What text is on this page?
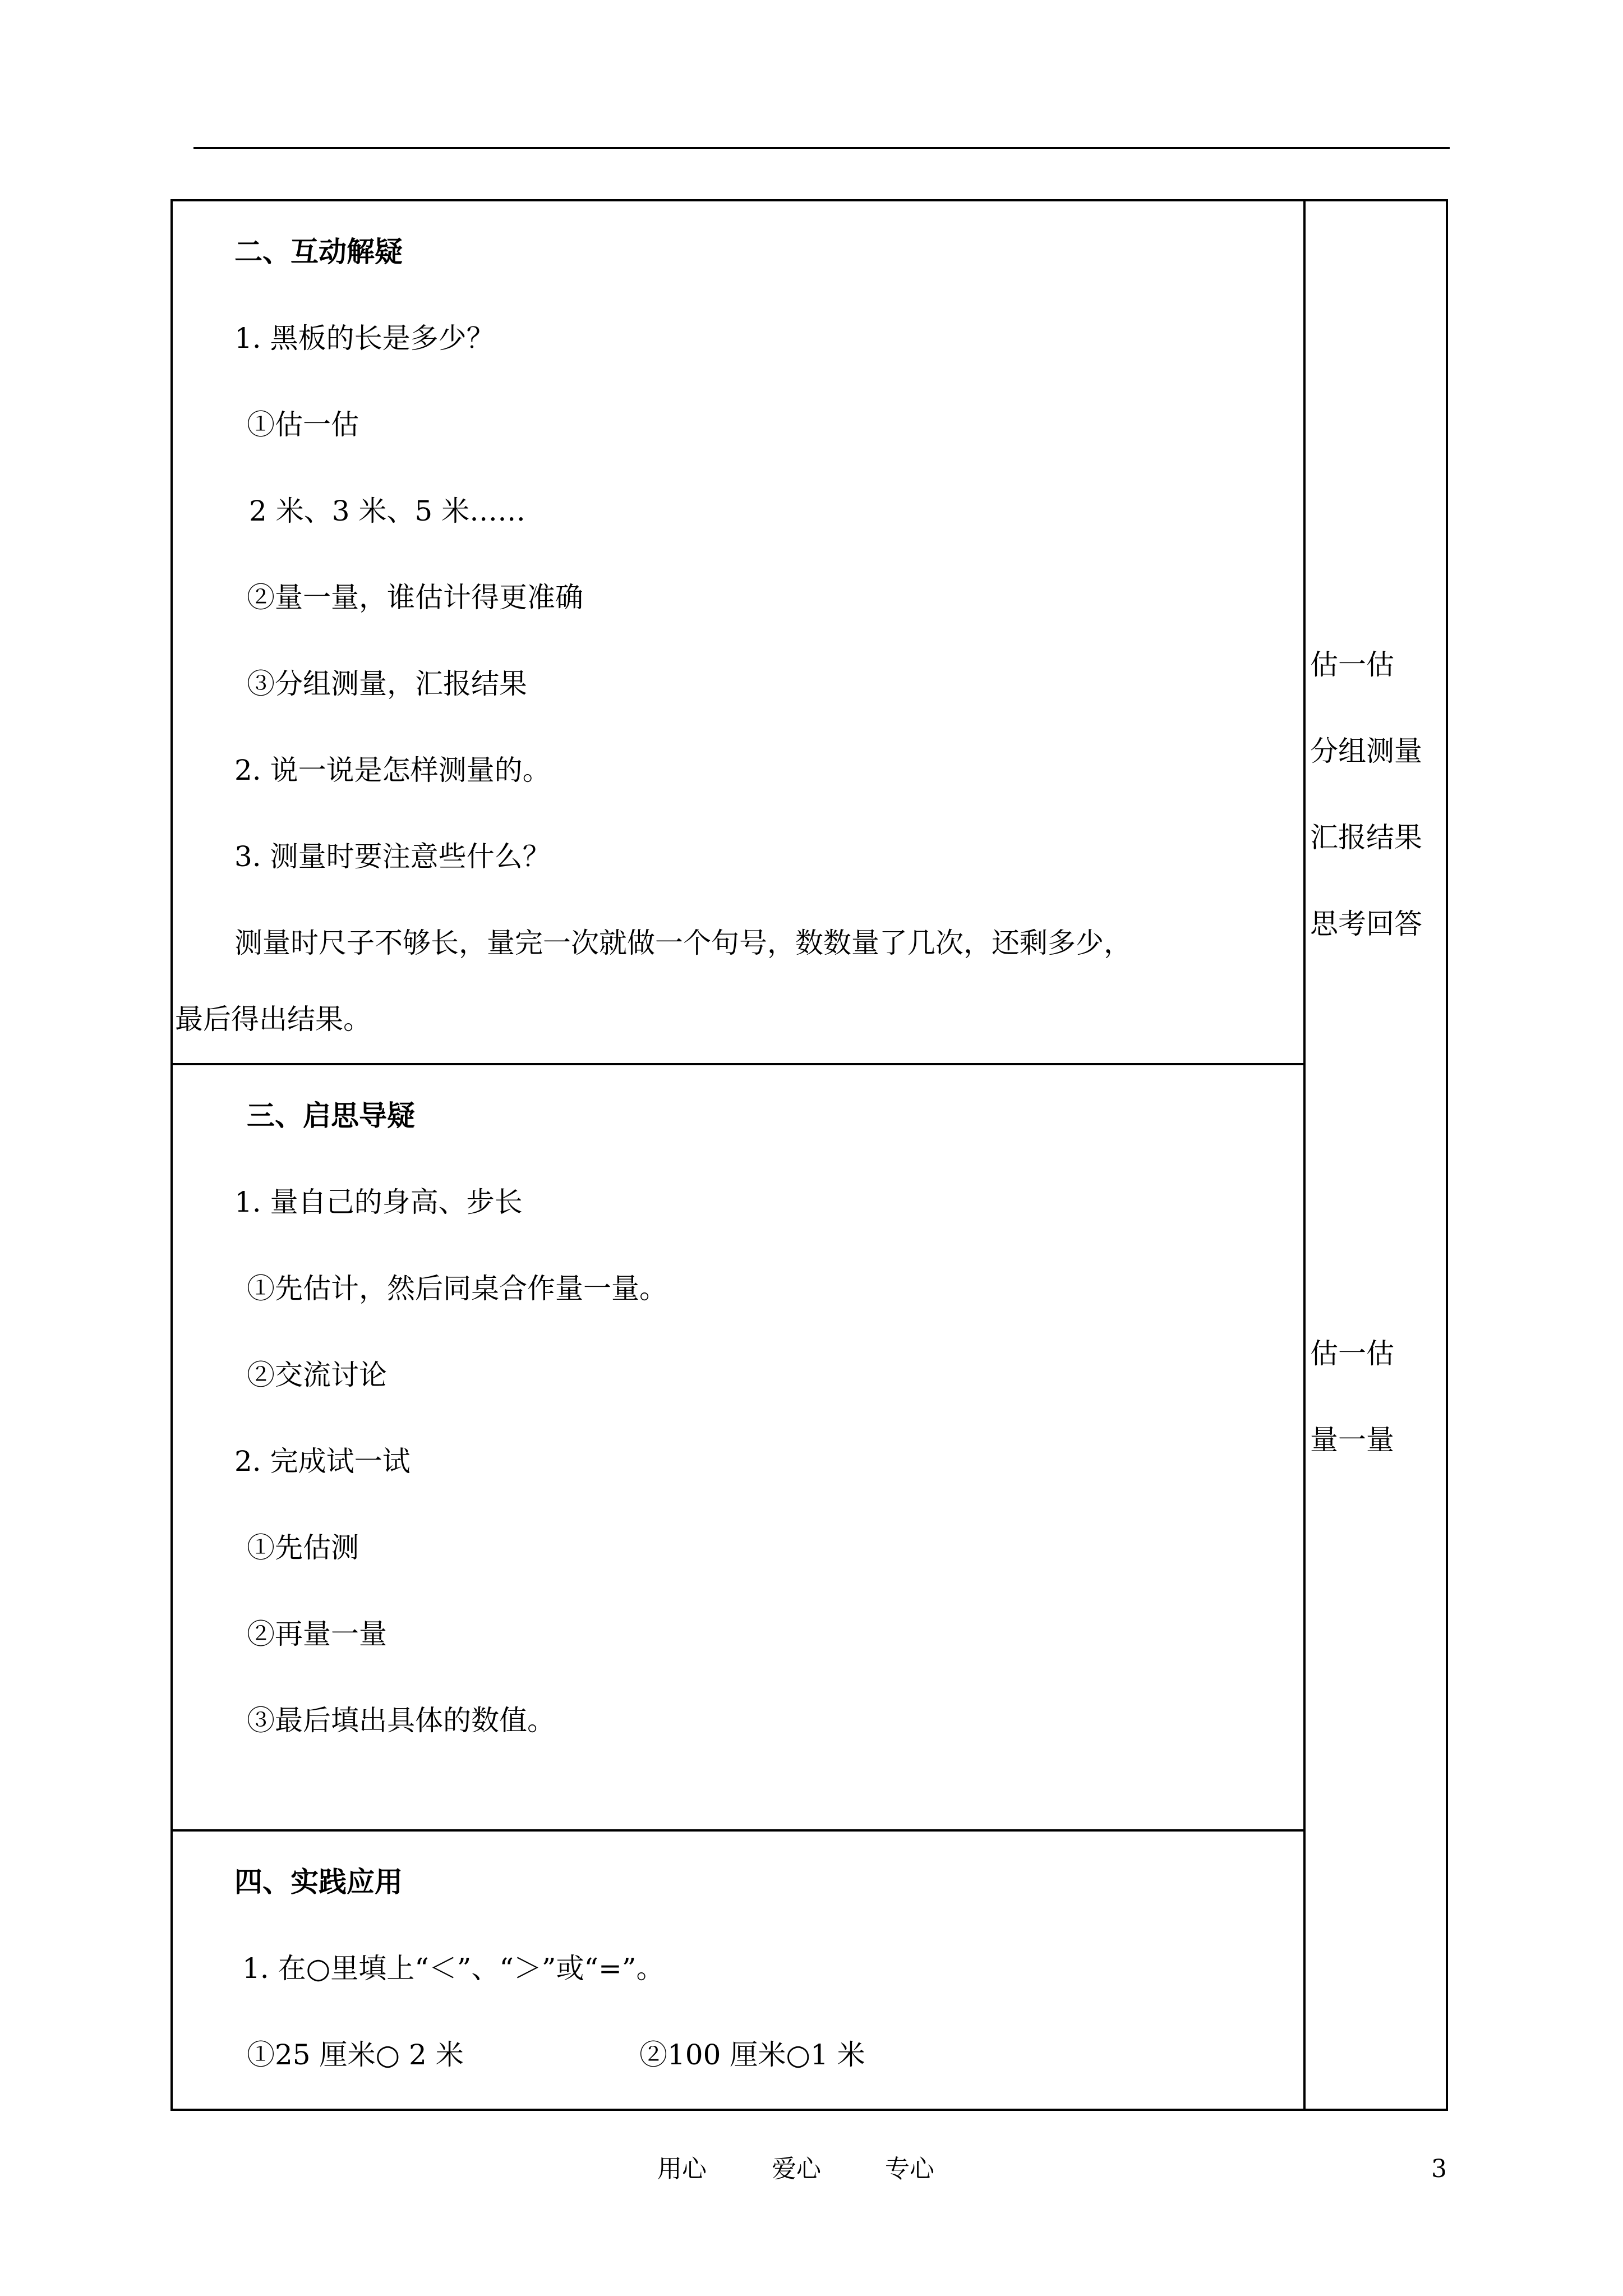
二、互动解疑
1. 黑板的长是多少？
①估一估
2 米、3 米、5 米……
②量一量，谁估计得更准确
③分组测量，汇报结果
2. 说一说是怎样测量的。
3. 测量时要注意些什么？
测量时尺子不够长，量完一次就做一个句号，数数量了几次，还剩多少，
最后得出结果。
估一估
分组测量
汇报结果
思考回答
三、启思导疑
1. 量自己的身高、步长
①先估计，然后同桌合作量一量。
②交流讨论
2. 完成试一试
①先估测
②再量一量
③最后填出具体的数值。
估一估
量一量
四、实践应用
1. 在○里填上“＜”、“＞”或“=”。
①25 厘米○ 2 米	②100 厘米○1 米
用心	爱心	专心	3
